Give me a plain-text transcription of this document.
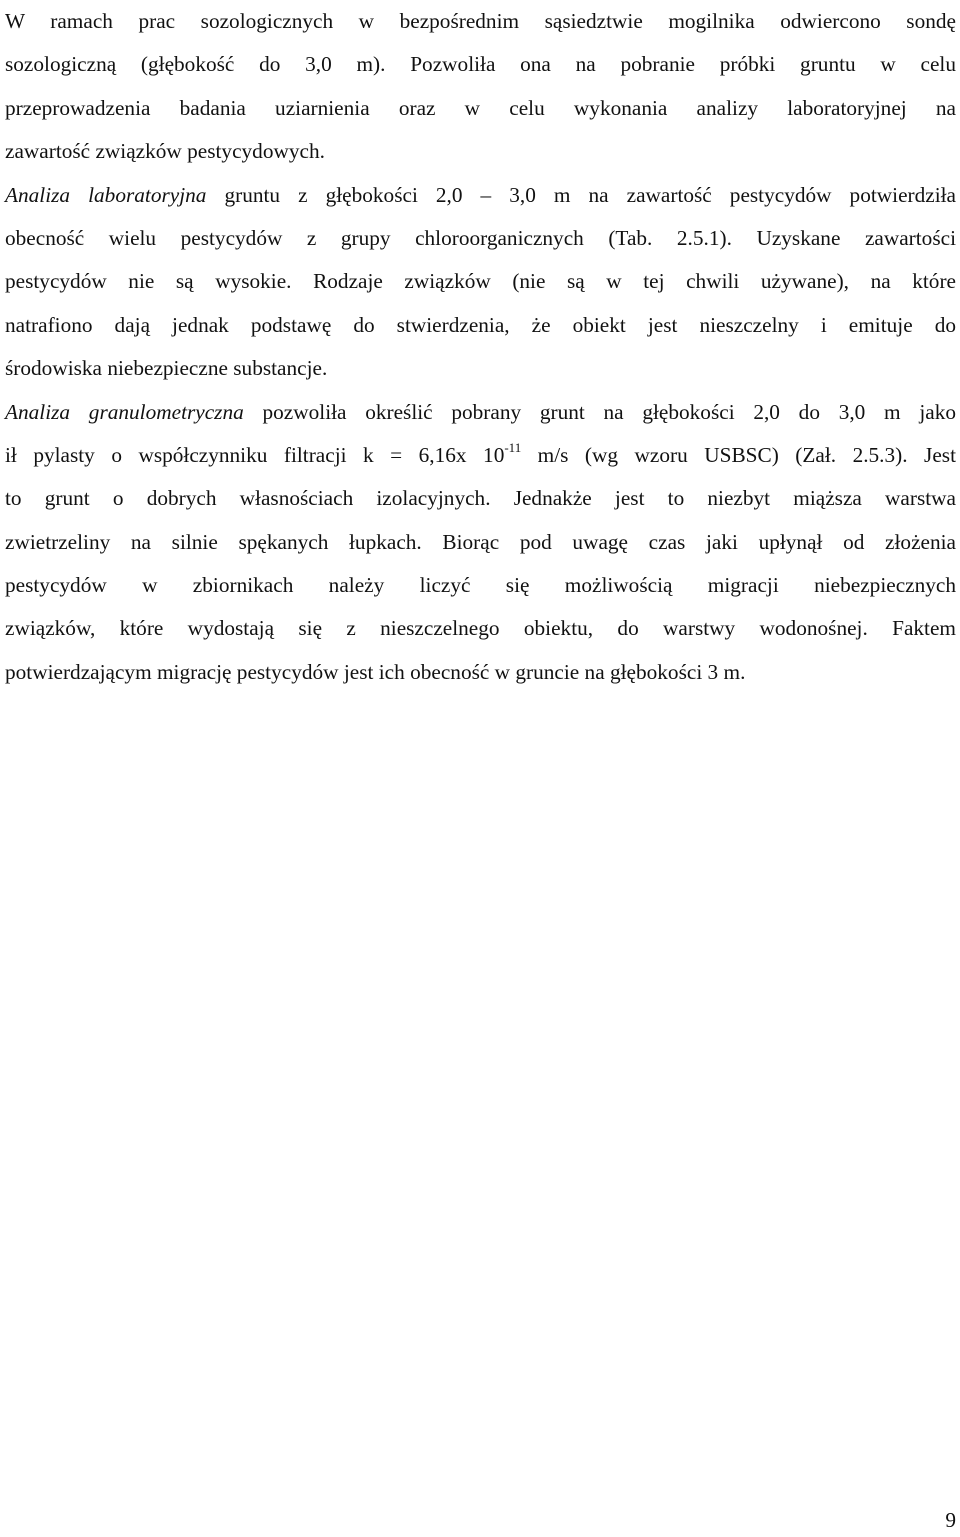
W ramach prac sozologicznych w bezpośrednim sąsiedztwie mogilnika odwiercono sondę
sozologiczną (głębokość do 3,0 m). Pozwoliła ona na pobranie próbki gruntu w celu
przeprowadzenia badania uziarnienia oraz w celu wykonania analizy laboratoryjnej na
zawartość związków pestycydowych.
Analiza laboratoryjna gruntu z głębokości 2,0 – 3,0 m na zawartość pestycydów potwierdziła
obecność wielu pestycydów z grupy chloroorganicznych (Tab. 2.5.1). Uzyskane zawartości
pestycydów nie są wysokie. Rodzaje związków (nie są w tej chwili używane), na które
natrafiono dają jednak podstawę do stwierdzenia, że obiekt jest nieszczelny i emituje do
środowiska niebezpieczne substancje.
Analiza granulometryczna pozwoliła określić pobrany grunt na głębokości 2,0 do 3,0 m jako
ił pylasty o współczynniku filtracji k = 6,16x $10^{-11}$ m/s (wg wzoru USBSC) (Zał. 2.5.3). Jest
to grunt o dobrych własnościach izolacyjnych. Jednakże jest to niezbyt miąższa warstwa
zwietrzeliny na silnie spękanych łupkach. Biorąc pod uwagę czas jaki upłynął od złożenia
pestycydów w zbiornikach należy liczyć się możliwością migracji niebezpiecznych
związków, które wydostają się z nieszczelnego obiektu, do warstwy wodonośnej. Faktem
potwierdzającym migrację pestycydów jest ich obecność w gruncie na głębokości 3 m.
9
